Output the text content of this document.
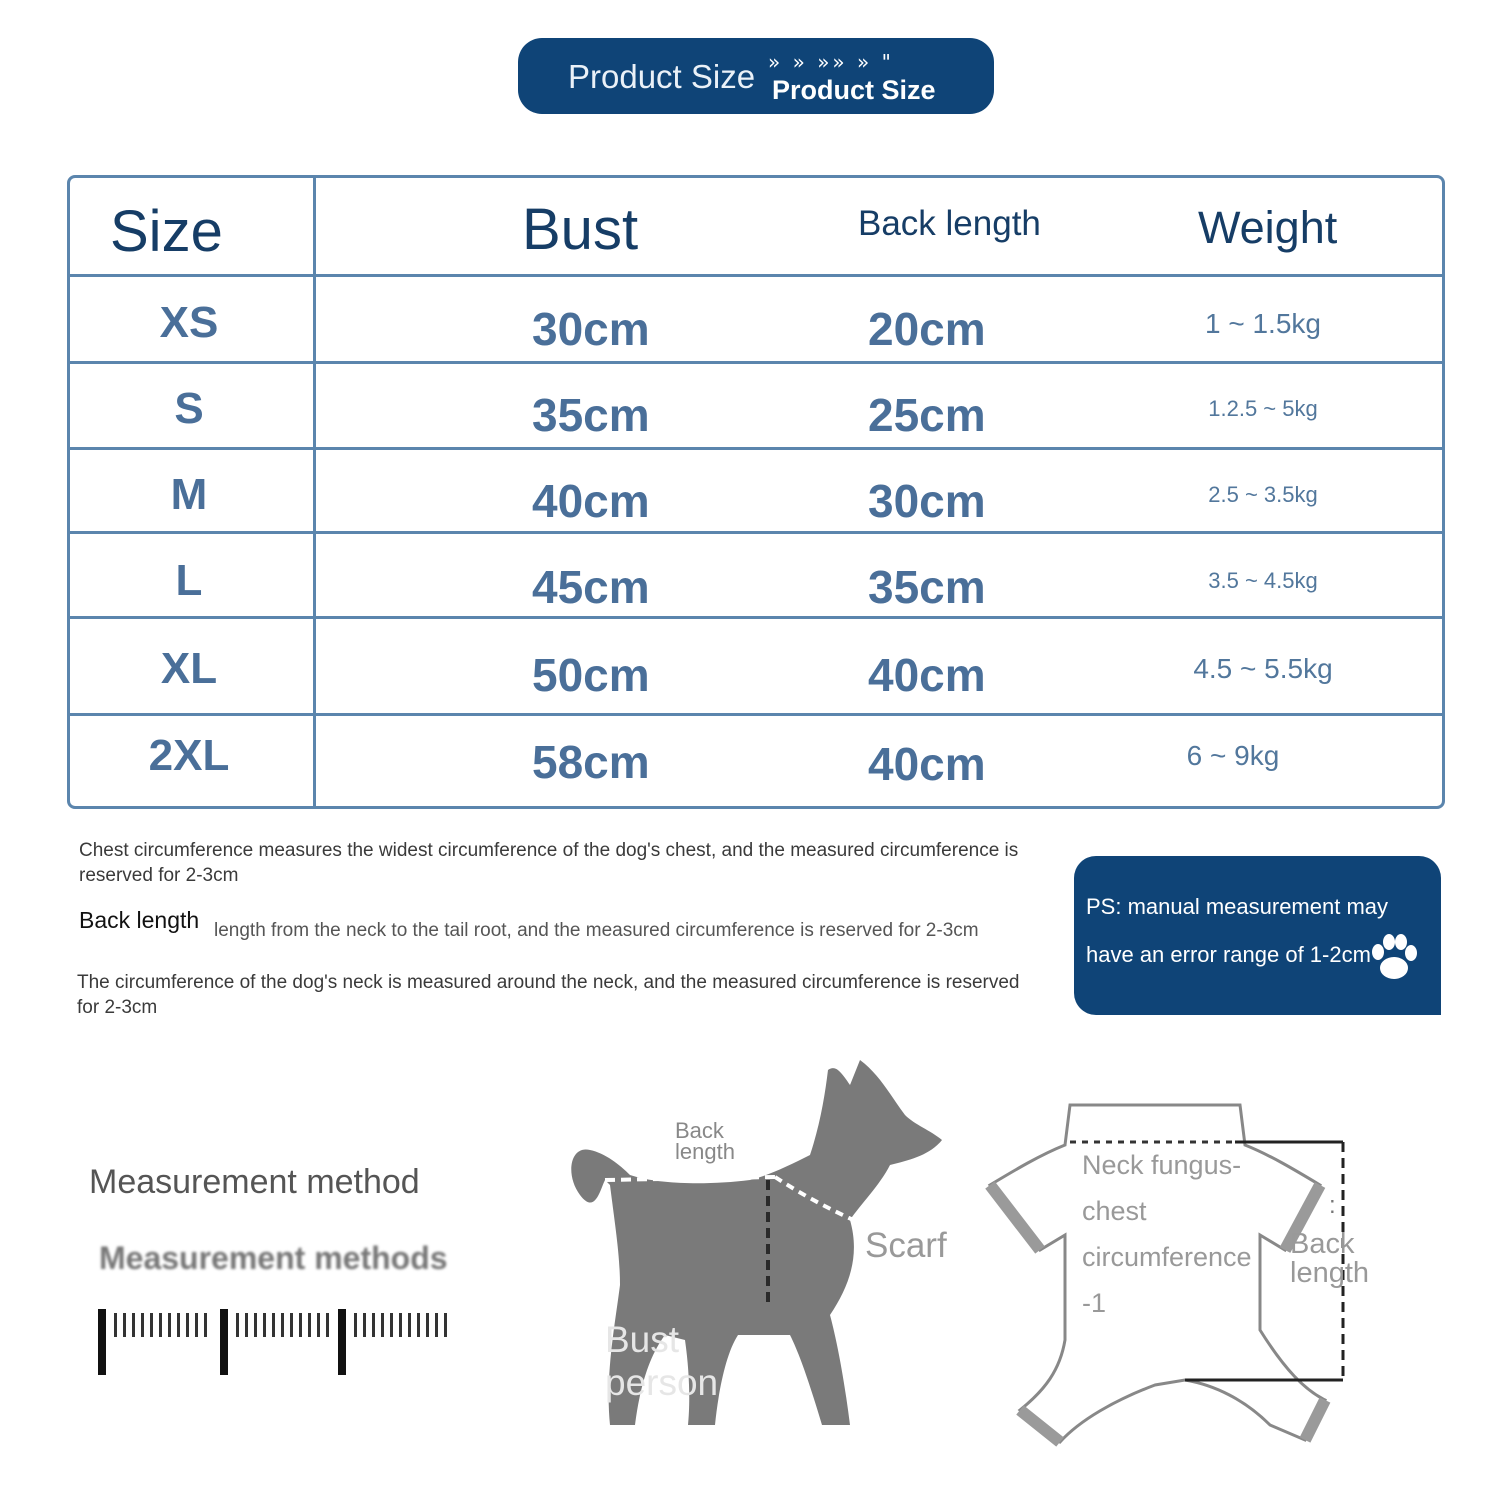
Product Size » » »» » "
Product Size
Size	Bust	Back length	Weight
XS	30cm	20cm	1 ~ 1.5kg
S	35cm	25cm	1.2.5 ~ 5kg
M	40cm	30cm	2.5 ~ 3.5kg
L	45cm	35cm	3.5 ~ 4.5kg
XL	50cm	40cm	4.5 ~ 5.5kg
2XL	58cm	40cm	6 ~ 9kg
Chest circumference measures the widest circumference of the dog's chest, and the measured circumference is reserved for 2-3cm
Back length length from the neck to the tail root, and the measured circumference is reserved for 2-3cm
The circumference of the dog's neck is measured around the neck, and the measured circumference is reserved for 2-3cm
PS: manual measurement may
have an error range of 1-2cm
Measurement method
Measurement methods
Back length
Scarf
Bust person
Neck fungus-chest circumference -1
:
Back length
